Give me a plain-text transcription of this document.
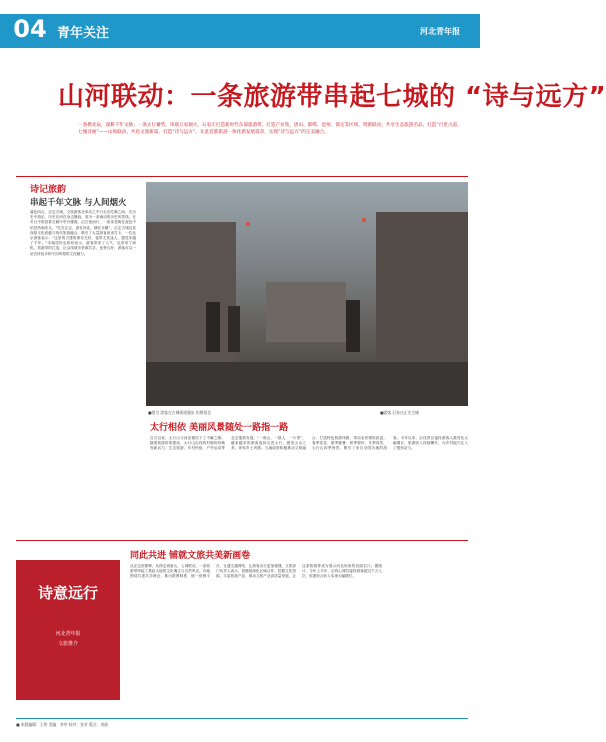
04 青年关注	河北青年报
山河联动：一条旅游带串起七城的 “诗与远方”
一条携北辰，深耕千年文脉；一条太行蓄势，串联万家烟火。石家庄打造新时代东部旅游带，打造产业集，唐山、邯郸、沧州、保定等区域，资源联动，共享生态旅游名品，打造“百里古道、七城诗画”——山海联动，共赴文旅新篇，打造“诗与远方”。在此首都旅游一体化新发展篇章，实现“诗与远方”的完美融合。
诗记旅韵
串起千年文脉 与人间烟火
暮色四合，正定古城，文旅游客在率坊之中行走在吃喝之间，在历史中游乐，历史长河在身边静淌，成为一条流动的历史风景线。在冬日中欣赏着长廊中亭台楼阁，沿古巷而行，一条条老街在夜色中依旧热闹非凡。“吃在正定，游在河北，嗨在京畿”，正定古城以其深厚文化底蕴与现代旅游融合，吸引了大量游客前来打卡。一位北京游客表示：“这里的古建筑保存完好，夜景尤其迷人，感觉穿越了千年。”本地居民也纷纷表示，游客带来了人气，也带来了商机。旅游带的打造，让沿线城市资源共享，优势互补，游客可以一站式体验多种不同风格的文化魅力。
■图为 游客在古城街道漫步 拍照留念	■游客 石家庄正定古城
太行相依 美丽风景随处一路指一路
自古以来，太行山与河北便结下了不解之缘。随着旅游带的建设，太行山沿线的村镇纷纷焕发新活力，生态旅游、乡村民宿、户外运动等业态蓬勃发展。“一座山，一群人，一片景”，越来越多的游客选择走进太行，感受山水之美，体验乡土风情。当地政府积极推动文旅融合，打造特色旅游线路，带动农民增收致富。春季赏花、夏季避暑、秋季观叶、冬季戏雪，太行山四季皆景，吸引了来自全国各地的游客。今年以来，沿线景区接待游客人数同比大幅增长，旅游收入持续攀升，为乡村振兴注入了强劲动力。
同此共进 铺就文旅共美新画卷
从正定到邯郸，从保定到唐山，七城联动，一条旅游带串起了燕赵大地的文化瑰宝与自然风光。各地围绕共建共享理念，推出联票制度、统一营销平台、互通交通网络，让游客出行更加便捷。文旅部门负责人表示，将继续深化区域合作，挖掘文化资源，丰富旅游产品，推动文旅产业高质量发展，让这条旅游带成为展示河北形象的亮丽名片。据统计，今年上半年，沿线七城共接待游客超过千万人次，旅游综合收入实现大幅增长。
诗意远行
河北青年报
文旅推介
■ 本版编辑：王明 美编：李华 校对：张芳 版式：刘丽
